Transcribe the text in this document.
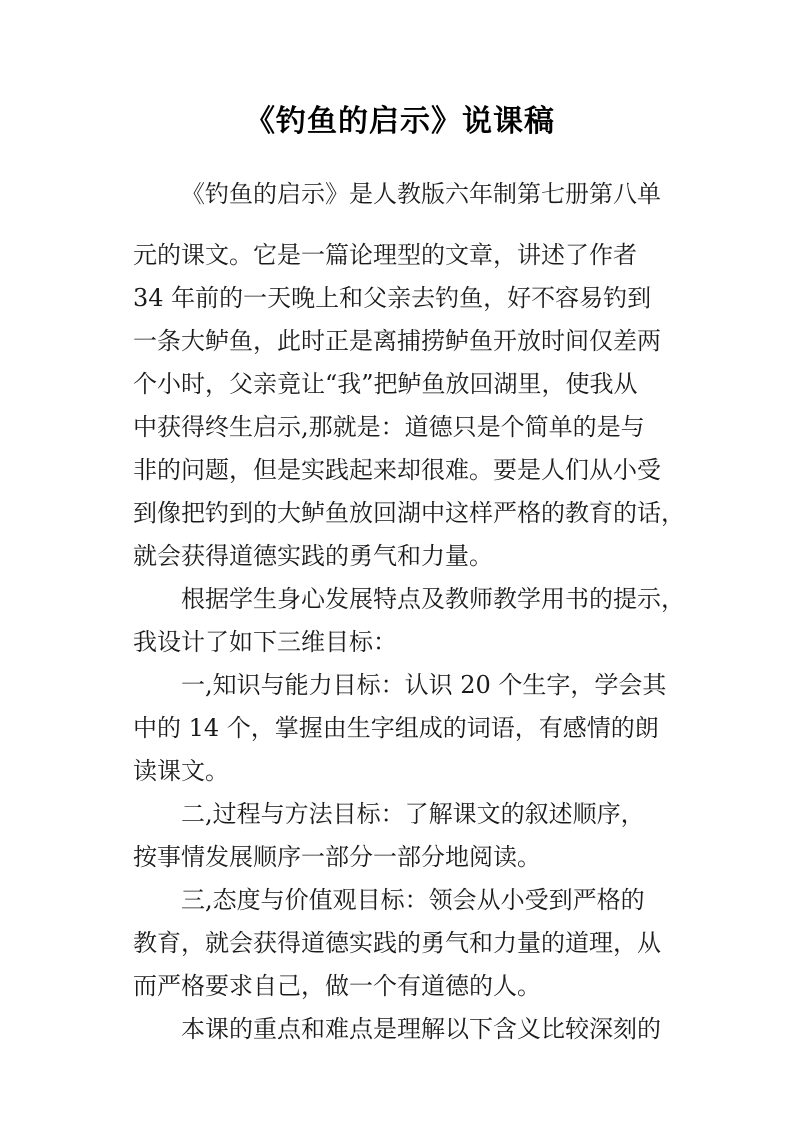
《钓鱼的启示》说课稿
《钓鱼的启示》是人教版六年制第七册第八单
元的课文。它是一篇论理型的文章，讲述了作者
34 年前的一天晚上和父亲去钓鱼，好不容易钓到
一条大鲈鱼，此时正是离捕捞鲈鱼开放时间仅差两
个小时，父亲竟让“我”把鲈鱼放回湖里，使我从
中获得终生启示,那就是：道德只是个简单的是与
非的问题，但是实践起来却很难。要是人们从小受
到像把钓到的大鲈鱼放回湖中这样严格的教育的话，
就会获得道德实践的勇气和力量。
根据学生身心发展特点及教师教学用书的提示，
我设计了如下三维目标：
一,知识与能力目标：认识 20 个生字，学会其
中的 14 个，掌握由生字组成的词语，有感情的朗
读课文。
二,过程与方法目标：了解课文的叙述顺序，
按事情发展顺序一部分一部分地阅读。
三,态度与价值观目标：领会从小受到严格的
教育，就会获得道德实践的勇气和力量的道理，从
而严格要求自己，做一个有道德的人。
本课的重点和难点是理解以下含义比较深刻的
